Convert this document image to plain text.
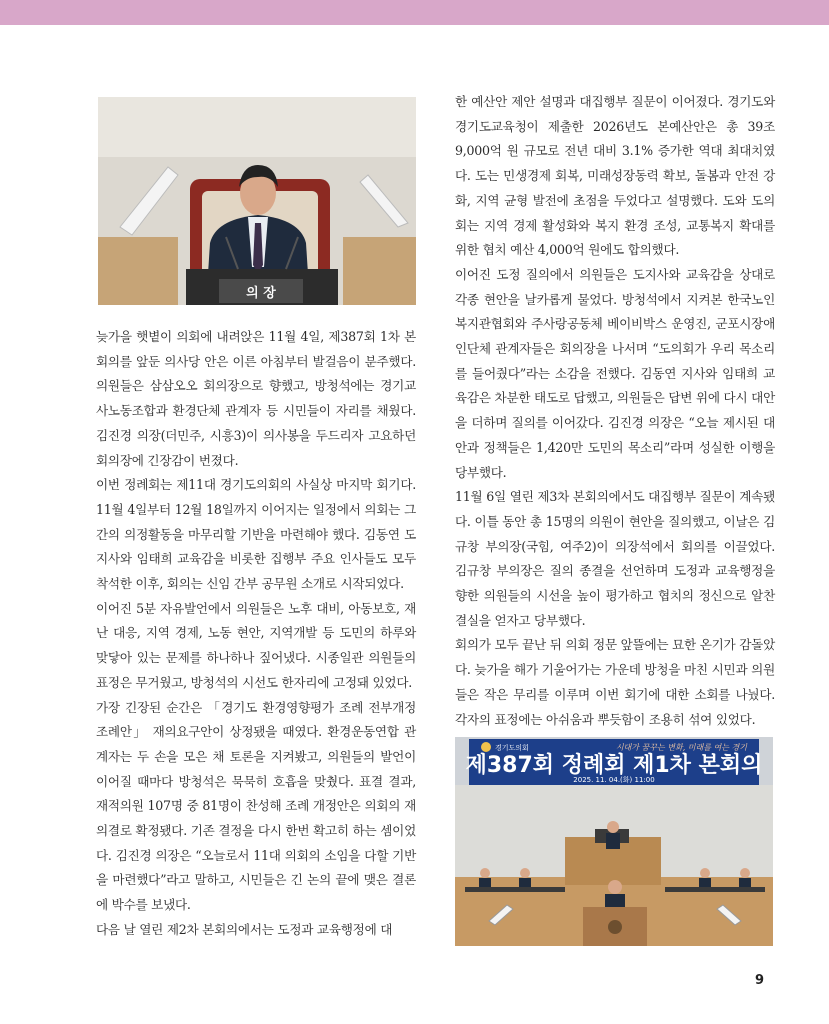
의 장

늦가을 햇볕이 의회에 내려앉은 11월 4일, 제387회 1차 본회의를 앞둔 의사당 안은 이른 아침부터 발걸음이 분주했다. 의원들은 삼삼오오 회의장으로 향했고, 방청석에는 경기교사노동조합과 환경단체 관계자 등 시민들이 자리를 채웠다. 김진경 의장(더민주, 시흥3)이 의사봉을 두드리자 고요하던 회의장에 긴장감이 번졌다.

이번 정례회는 제11대 경기도의회의 사실상 마지막 회기다. 11월 4일부터 12월 18일까지 이어지는 일정에서 의회는 그간의 의정활동을 마무리할 기반을 마련해야 했다. 김동연 도지사와 임태희 교육감을 비롯한 집행부 주요 인사들도 모두 착석한 이후, 회의는 신임 간부 공무원 소개로 시작되었다.

이어진 5분 자유발언에서 의원들은 노후 대비, 아동보호, 재난 대응, 지역 경제, 노동 현안, 지역개발 등 도민의 하루와 맞닿아 있는 문제를 하나하나 짚어냈다. 시종일관 의원들의 표정은 무거웠고, 방청석의 시선도 한자리에 고정돼 있었다.

가장 긴장된 순간은 「경기도 환경영향평가 조례 전부개정조례안」 재의요구안이 상정됐을 때였다. 환경운동연합 관계자는 두 손을 모은 채 토론을 지켜봤고, 의원들의 발언이 이어질 때마다 방청석은 묵묵히 호흡을 맞췄다. 표결 결과, 재적의원 107명 중 81명이 찬성해 조례 개정안은 의회의 재의결로 확정됐다. 기존 결정을 다시 한번 확고히 하는 셈이었다. 김진경 의장은 “오늘로서 11대 의회의 소임을 다할 기반을 마련했다”라고 말하고, 시민들은 긴 논의 끝에 맺은 결론에 박수를 보냈다.

다음 날 열린 제2차 본회의에서는 도정과 교육행정에 대

한 예산안 제안 설명과 대집행부 질문이 이어졌다. 경기도와 경기도교육청이 제출한 2026년도 본예산안은 총 39조 9,000억 원 규모로 전년 대비 3.1% 증가한 역대 최대치였다. 도는 민생경제 회복, 미래성장동력 확보, 돌봄과 안전 강화, 지역 균형 발전에 초점을 두었다고 설명했다. 도와 도의회는 지역 경제 활성화와 복지 환경 조성, 교통복지 확대를 위한 협치 예산 4,000억 원에도 합의했다.

이어진 도정 질의에서 의원들은 도지사와 교육감을 상대로 각종 현안을 날카롭게 물었다. 방청석에서 지켜본 한국노인복지관협회와 주사랑공동체 베이비박스 운영진, 군포시장애인단체 관계자들은 회의장을 나서며 “도의회가 우리 목소리를 들어줬다”라는 소감을 전했다. 김동연 지사와 임태희 교육감은 차분한 태도로 답했고, 의원들은 답변 위에 다시 대안을 더하며 질의를 이어갔다. 김진경 의장은 “오늘 제시된 대안과 정책들은 1,420만 도민의 목소리”라며 성실한 이행을 당부했다.

11월 6일 열린 제3차 본회의에서도 대집행부 질문이 계속됐다. 이틀 동안 총 15명의 의원이 현안을 질의했고, 이날은 김규창 부의장(국힘, 여주2)이 의장석에서 회의를 이끌었다. 김규창 부의장은 질의 종결을 선언하며 도정과 교육행정을 향한 의원들의 시선을 높이 평가하고 협치의 정신으로 알찬 결실을 얻자고 당부했다.

회의가 모두 끝난 뒤 의회 정문 앞뜰에는 묘한 온기가 감돌았다. 늦가을 해가 기울어가는 가운데 방청을 마친 시민과 의원들은 작은 무리를 이루며 이번 회기에 대한 소회를 나눴다. 각자의 표정에는 아쉬움과 뿌듯함이 조용히 섞여 있었다.

경기도의회	시대가 꿈꾸는 변화, 미래를 여는 경기
제387회 정례회 제1차 본회의
2025. 11. 04.(화) 11:00
9
